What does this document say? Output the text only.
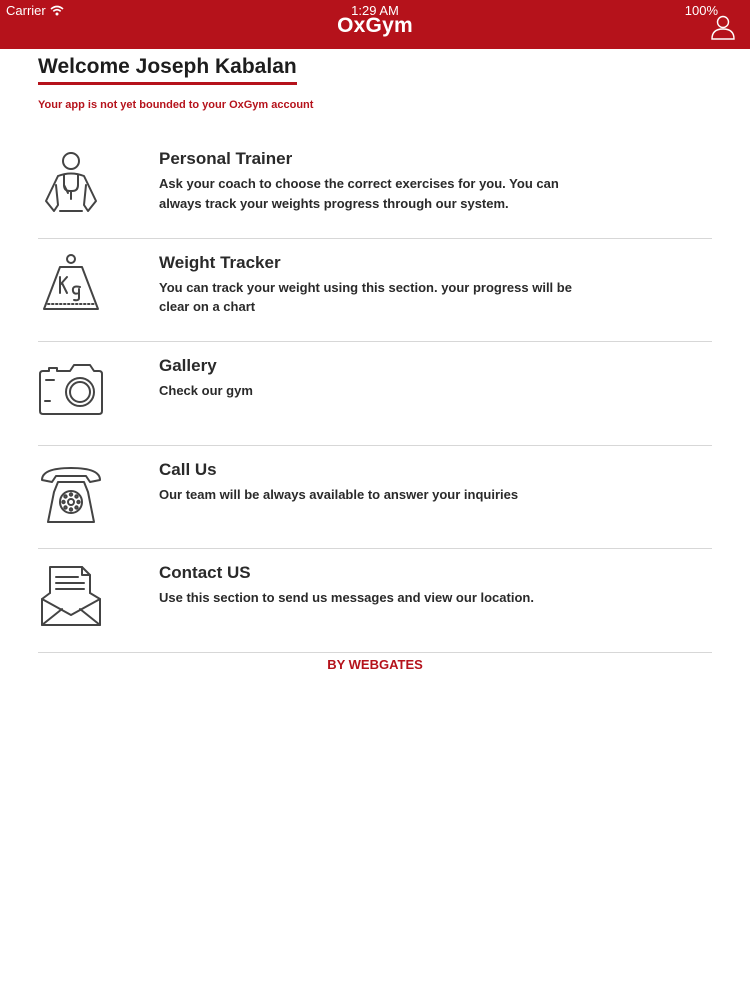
Carrier	1:29 AM	100%
OxGym
Welcome Joseph Kabalan
Your app is not yet bounded to your OxGym account
Personal Trainer
Ask your coach to choose the correct exercises for you. You can always track your weights progress through our system.
Weight Tracker
You can track your weight using this section. your progress will be clear on a chart
Gallery
Check our gym
Call Us
Our team will be always available to answer your inquiries
Contact US
Use this section to send us messages and view our location.
BY WEBGATES
